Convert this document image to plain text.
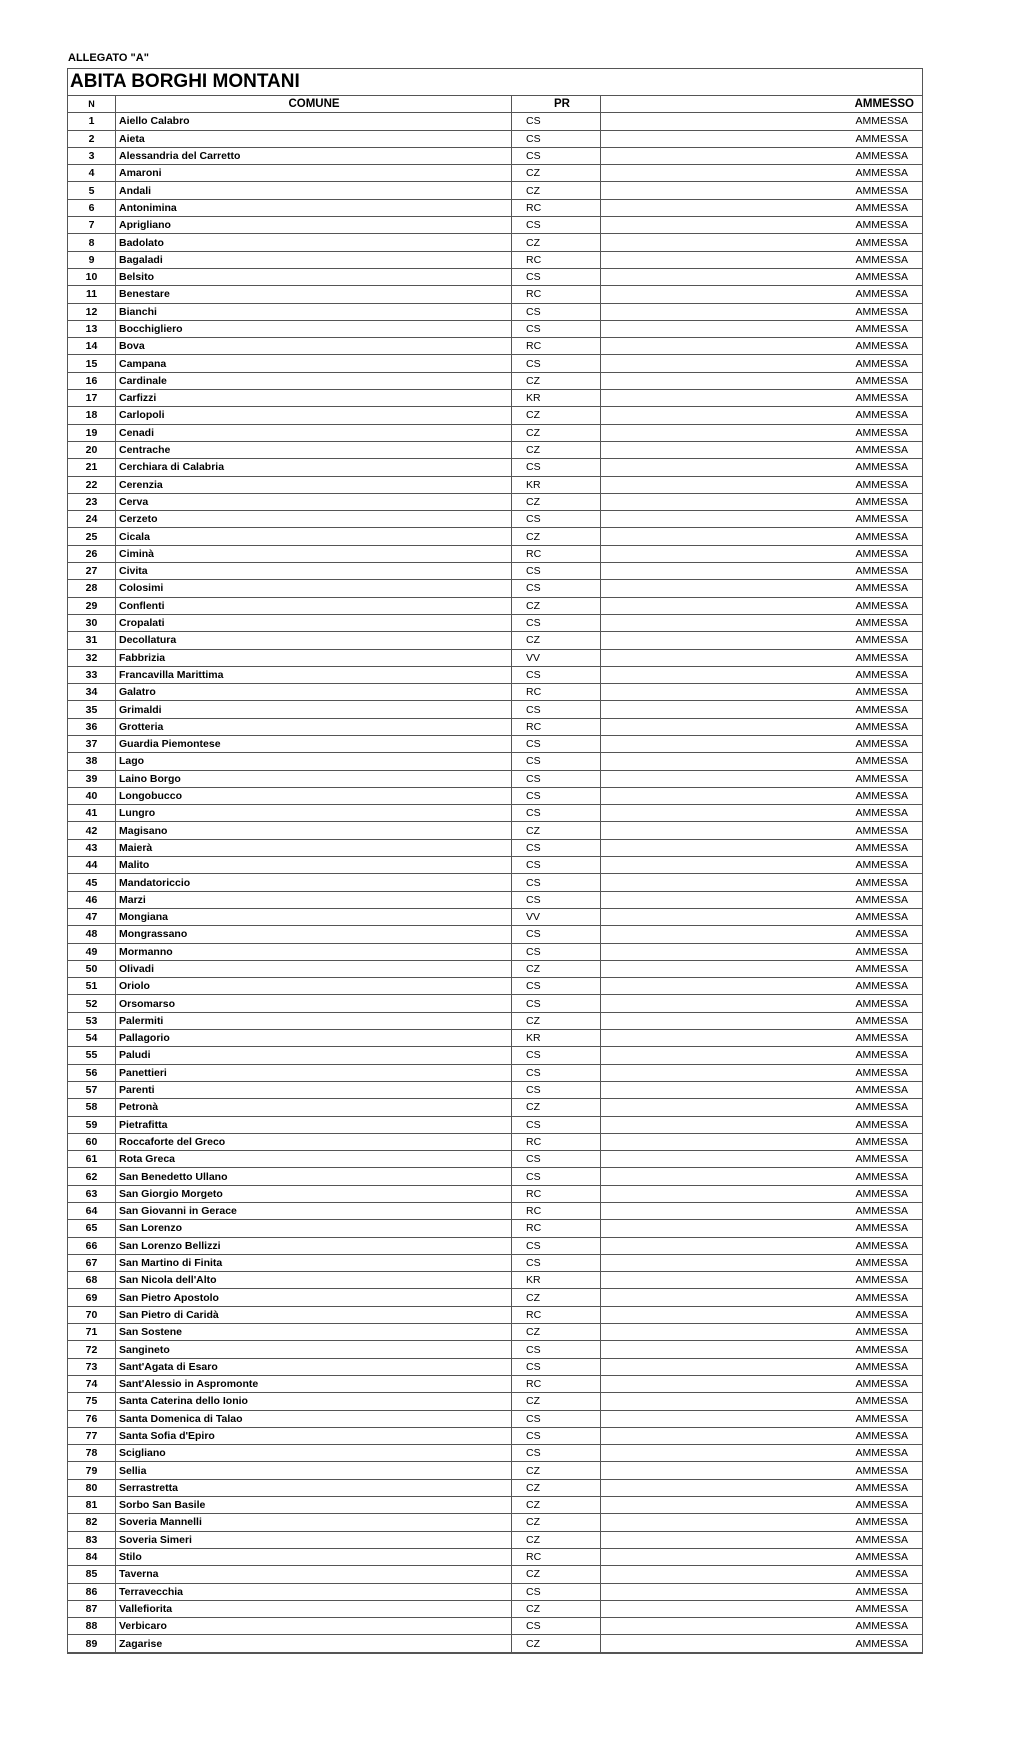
ALLEGATO "A"
ABITA BORGHI MONTANI
N	COMUNE	PR	AMMESSO
1	Aiello Calabro	CS	AMMESSA
2	Aieta	CS	AMMESSA
3	Alessandria del Carretto	CS	AMMESSA
4	Amaroni	CZ	AMMESSA
5	Andali	CZ	AMMESSA
6	Antonimina	RC	AMMESSA
7	Aprigliano	CS	AMMESSA
8	Badolato	CZ	AMMESSA
9	Bagaladi	RC	AMMESSA
10	Belsito	CS	AMMESSA
11	Benestare	RC	AMMESSA
12	Bianchi	CS	AMMESSA
13	Bocchigliero	CS	AMMESSA
14	Bova	RC	AMMESSA
15	Campana	CS	AMMESSA
16	Cardinale	CZ	AMMESSA
17	Carfizzi	KR	AMMESSA
18	Carlopoli	CZ	AMMESSA
19	Cenadi	CZ	AMMESSA
20	Centrache	CZ	AMMESSA
21	Cerchiara di Calabria	CS	AMMESSA
22	Cerenzia	KR	AMMESSA
23	Cerva	CZ	AMMESSA
24	Cerzeto	CS	AMMESSA
25	Cicala	CZ	AMMESSA
26	Ciminà	RC	AMMESSA
27	Civita	CS	AMMESSA
28	Colosimi	CS	AMMESSA
29	Conflenti	CZ	AMMESSA
30	Cropalati	CS	AMMESSA
31	Decollatura	CZ	AMMESSA
32	Fabbrizia	VV	AMMESSA
33	Francavilla Marittima	CS	AMMESSA
34	Galatro	RC	AMMESSA
35	Grimaldi	CS	AMMESSA
36	Grotteria	RC	AMMESSA
37	Guardia Piemontese	CS	AMMESSA
38	Lago	CS	AMMESSA
39	Laino Borgo	CS	AMMESSA
40	Longobucco	CS	AMMESSA
41	Lungro	CS	AMMESSA
42	Magisano	CZ	AMMESSA
43	Maierà	CS	AMMESSA
44	Malito	CS	AMMESSA
45	Mandatoriccio	CS	AMMESSA
46	Marzi	CS	AMMESSA
47	Mongiana	VV	AMMESSA
48	Mongrassano	CS	AMMESSA
49	Mormanno	CS	AMMESSA
50	Olivadi	CZ	AMMESSA
51	Oriolo	CS	AMMESSA
52	Orsomarso	CS	AMMESSA
53	Palermiti	CZ	AMMESSA
54	Pallagorio	KR	AMMESSA
55	Paludi	CS	AMMESSA
56	Panettieri	CS	AMMESSA
57	Parenti	CS	AMMESSA
58	Petronà	CZ	AMMESSA
59	Pietrafitta	CS	AMMESSA
60	Roccaforte del Greco	RC	AMMESSA
61	Rota Greca	CS	AMMESSA
62	San Benedetto Ullano	CS	AMMESSA
63	San Giorgio Morgeto	RC	AMMESSA
64	San Giovanni in Gerace	RC	AMMESSA
65	San Lorenzo	RC	AMMESSA
66	San Lorenzo Bellizzi	CS	AMMESSA
67	San Martino di Finita	CS	AMMESSA
68	San Nicola dell'Alto	KR	AMMESSA
69	San Pietro Apostolo	CZ	AMMESSA
70	San Pietro di Caridà	RC	AMMESSA
71	San Sostene	CZ	AMMESSA
72	Sangineto	CS	AMMESSA
73	Sant'Agata di Esaro	CS	AMMESSA
74	Sant'Alessio in Aspromonte	RC	AMMESSA
75	Santa Caterina dello Ionio	CZ	AMMESSA
76	Santa Domenica di Talao	CS	AMMESSA
77	Santa Sofia d'Epiro	CS	AMMESSA
78	Scigliano	CS	AMMESSA
79	Sellia	CZ	AMMESSA
80	Serrastretta	CZ	AMMESSA
81	Sorbo San Basile	CZ	AMMESSA
82	Soveria Mannelli	CZ	AMMESSA
83	Soveria Simeri	CZ	AMMESSA
84	Stilo	RC	AMMESSA
85	Taverna	CZ	AMMESSA
86	Terravecchia	CS	AMMESSA
87	Vallefiorita	CZ	AMMESSA
88	Verbicaro	CS	AMMESSA
89	Zagarise	CZ	AMMESSA
